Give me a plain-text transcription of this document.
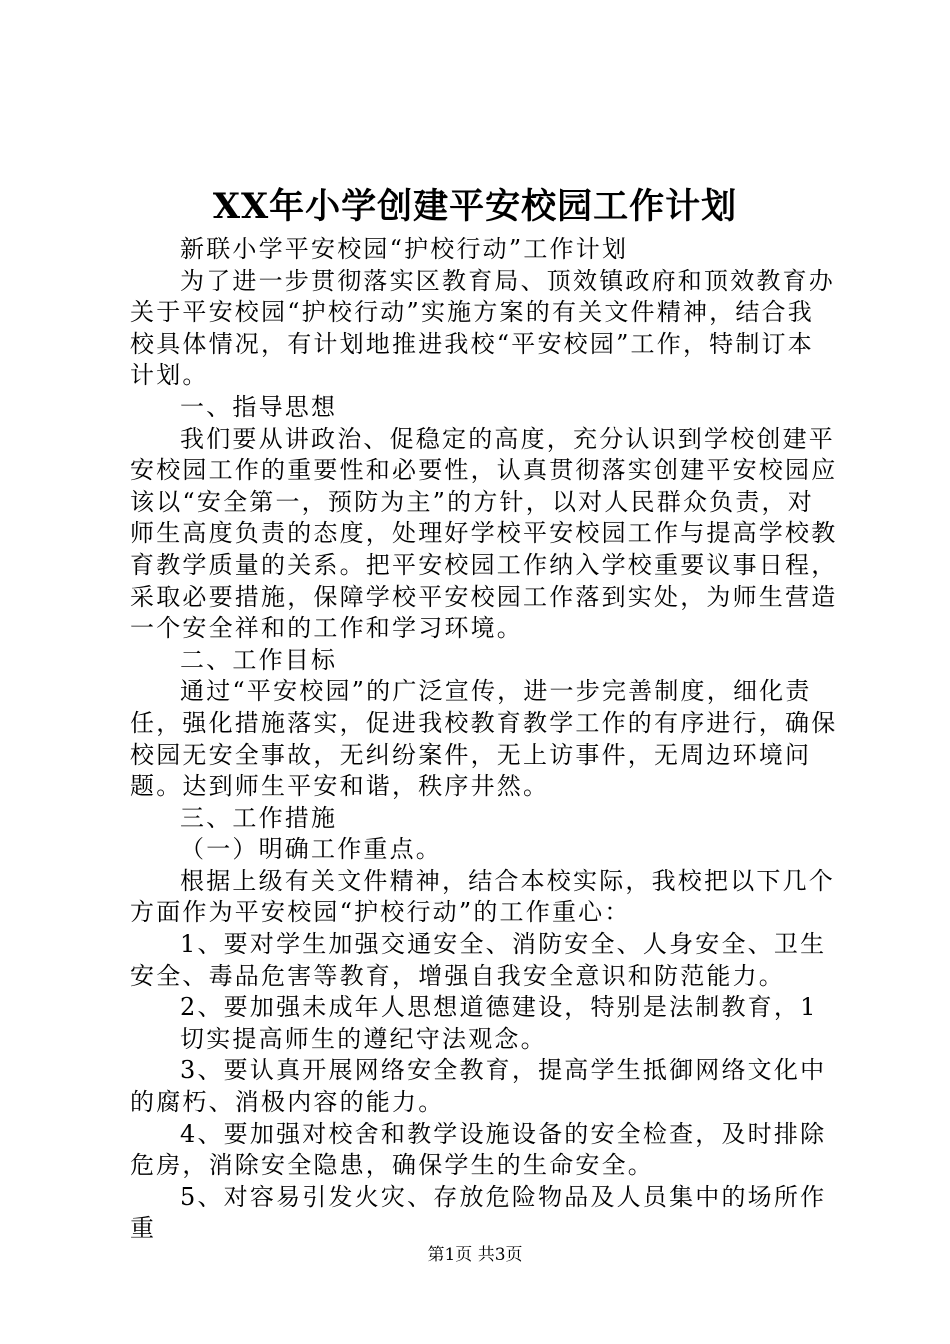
XX年小学创建平安校园工作计划

新联小学平安校园“护校行动”工作计划

为了进一步贯彻落实区教育局、顶效镇政府和顶效教育办关于平安校园“护校行动”实施方案的有关文件精神，结合我校具体情况，有计划地推进我校“平安校园”工作，特制订本计划。

一、指导思想

我们要从讲政治、促稳定的高度，充分认识到学校创建平安校园工作的重要性和必要性，认真贯彻落实创建平安校园应该以“安全第一，预防为主”的方针，以对人民群众负责，对师生高度负责的态度，处理好学校平安校园工作与提高学校教育教学质量的关系。把平安校园工作纳入学校重要议事日程，采取必要措施，保障学校平安校园工作落到实处，为师生营造一个安全祥和的工作和学习环境。

二、工作目标

通过“平安校园”的广泛宣传，进一步完善制度，细化责任，强化措施落实，促进我校教育教学工作的有序进行，确保校园无安全事故，无纠纷案件，无上访事件，无周边环境问题。达到师生平安和谐，秩序井然。

三、工作措施

（一）明确工作重点。

根据上级有关文件精神，结合本校实际，我校把以下几个方面作为平安校园“护校行动”的工作重心：

1、要对学生加强交通安全、消防安全、人身安全、卫生安全、毒品危害等教育，增强自我安全意识和防范能力。

2、要加强未成年人思想道德建设，特别是法制教育，1

切实提高师生的遵纪守法观念。

3、要认真开展网络安全教育，提高学生抵御网络文化中的腐朽、消极内容的能力。

4、要加强对校舍和教学设施设备的安全检查，及时排除危房，消除安全隐患，确保学生的生命安全。

5、对容易引发火灾、存放危险物品及人员集中的场所作重

第1页 共3页
